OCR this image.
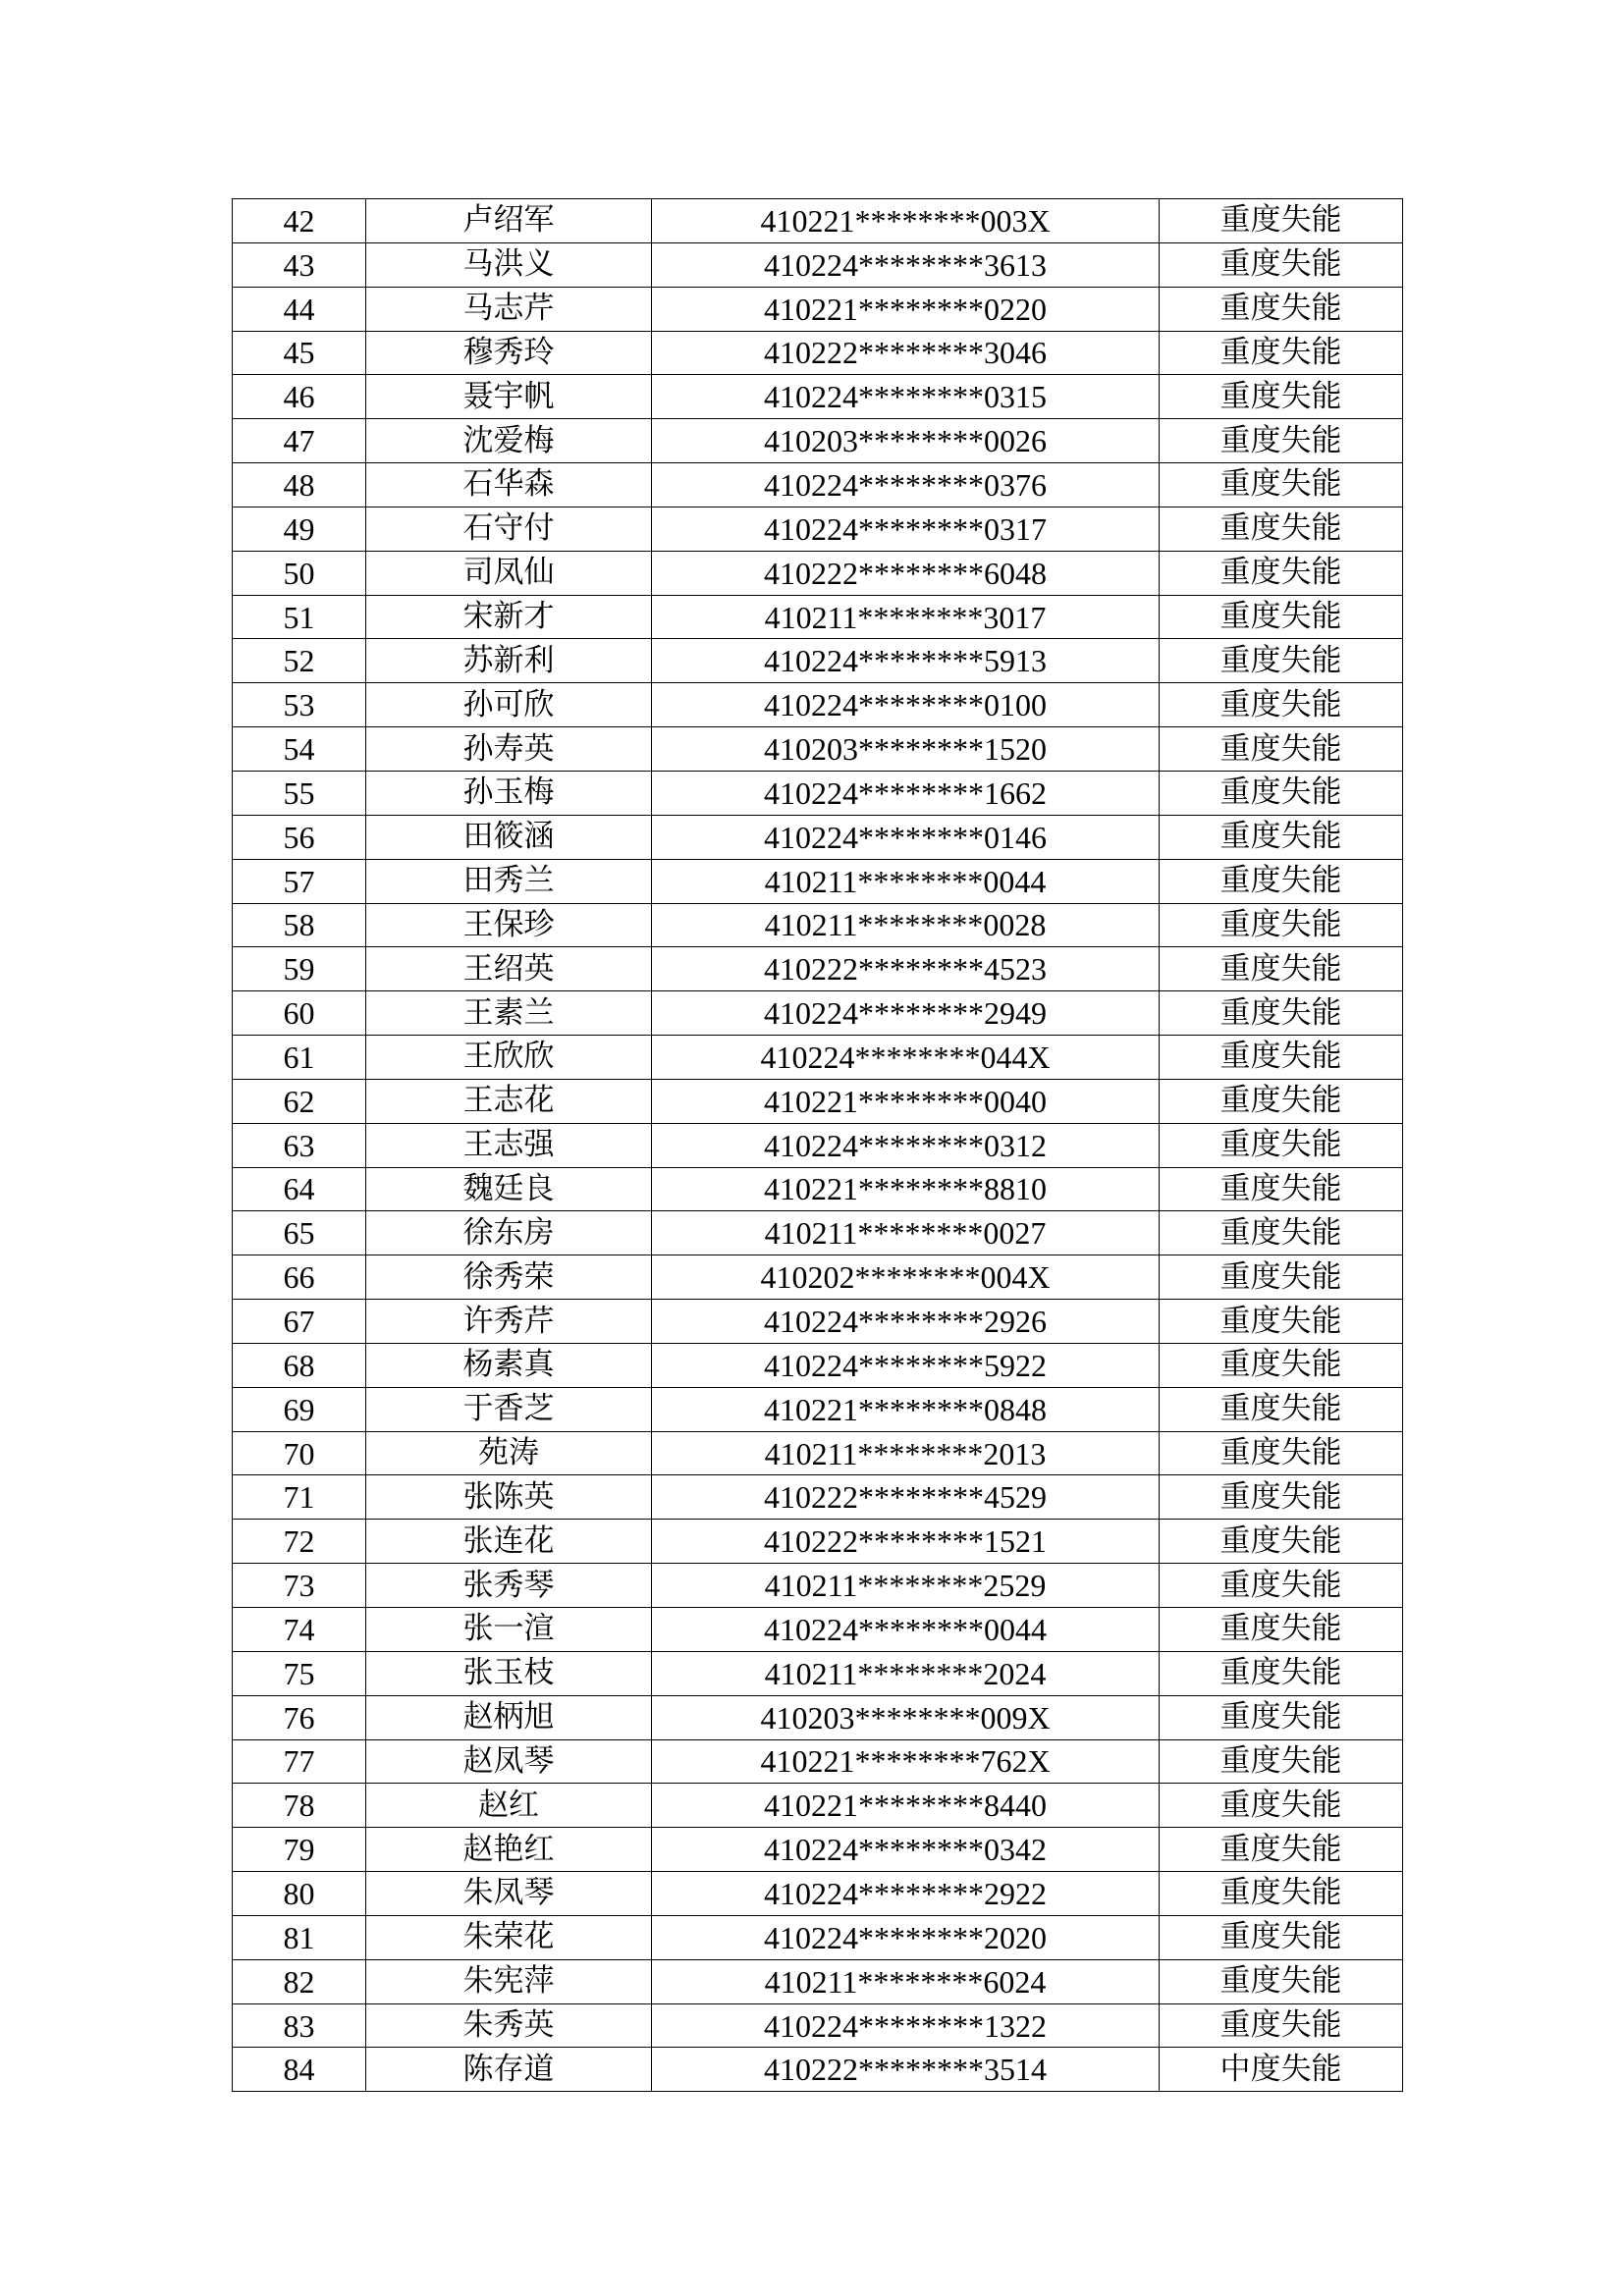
42	卢绍军	410221********003X	重度失能
43	马洪义	410224********3613	重度失能
44	马志芹	410221********0220	重度失能
45	穆秀玲	410222********3046	重度失能
46	聂宇帆	410224********0315	重度失能
47	沈爱梅	410203********0026	重度失能
48	石华森	410224********0376	重度失能
49	石守付	410224********0317	重度失能
50	司凤仙	410222********6048	重度失能
51	宋新才	410211********3017	重度失能
52	苏新利	410224********5913	重度失能
53	孙可欣	410224********0100	重度失能
54	孙寿英	410203********1520	重度失能
55	孙玉梅	410224********1662	重度失能
56	田筱涵	410224********0146	重度失能
57	田秀兰	410211********0044	重度失能
58	王保珍	410211********0028	重度失能
59	王绍英	410222********4523	重度失能
60	王素兰	410224********2949	重度失能
61	王欣欣	410224********044X	重度失能
62	王志花	410221********0040	重度失能
63	王志强	410224********0312	重度失能
64	魏廷良	410221********8810	重度失能
65	徐东房	410211********0027	重度失能
66	徐秀荣	410202********004X	重度失能
67	许秀芹	410224********2926	重度失能
68	杨素真	410224********5922	重度失能
69	于香芝	410221********0848	重度失能
70	苑涛	410211********2013	重度失能
71	张陈英	410222********4529	重度失能
72	张连花	410222********1521	重度失能
73	张秀琴	410211********2529	重度失能
74	张一渲	410224********0044	重度失能
75	张玉枝	410211********2024	重度失能
76	赵柄旭	410203********009X	重度失能
77	赵凤琴	410221********762X	重度失能
78	赵红	410221********8440	重度失能
79	赵艳红	410224********0342	重度失能
80	朱凤琴	410224********2922	重度失能
81	朱荣花	410224********2020	重度失能
82	朱宪萍	410211********6024	重度失能
83	朱秀英	410224********1322	重度失能
84	陈存道	410222********3514	中度失能
